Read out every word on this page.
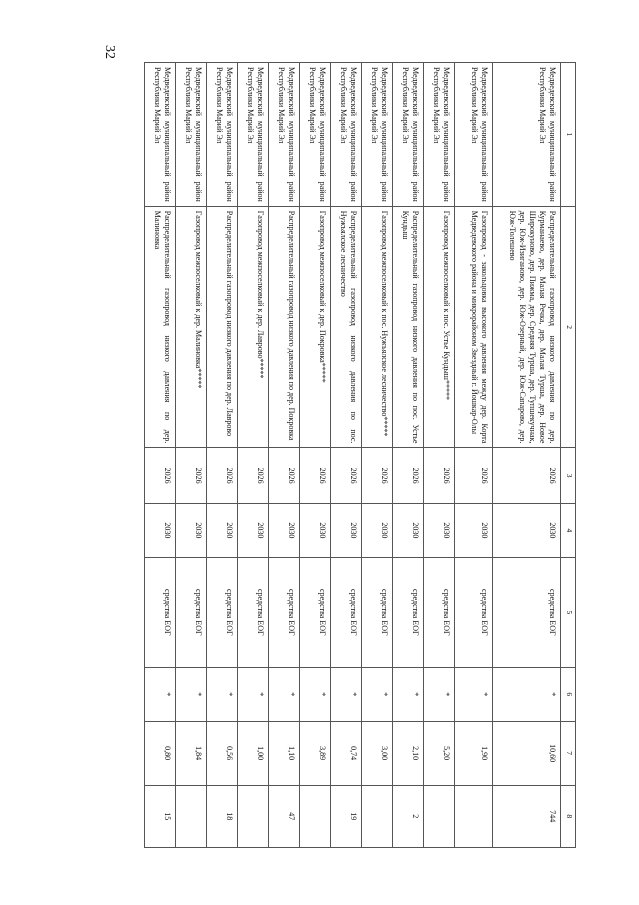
32
1	2	3	4	5	6	7	8
Медведевский муниципальный район Республики Марий Эл	Распределительный газопровод низкого давления по дер. Курманаево, дер. Малая Речка, дер. Малая Турша, дер. Новое Широкуново, дер. Пижма, дер. Средняя Турша, дер. Тупшекучнак, дер. Юж-Изиганово, дер. Юж-Озерный, дер. Юж-Сапарово, дер. Юж-Толешево	2026	2030	средства ЕОГ	*	10,60	744
Медведевский муниципальный район Республики Марий Эл	Газопровод - закольцовка высокого давления между дер. Корта Медведевского района и микрорайоном Звездный г. Йошкар-Олы	2026	2030	средства ЕОГ	*	1,90	
Медведевский муниципальный район Республики Марий Эл	Газопровод межпоселковый к пос. Устье Кундыш*****	2026	2030	средства ЕОГ	*	5,20	
Медведевский муниципальный район Республики Марий Эл	Распределительный газопровод низкого давления по пос. Устье Кундыш	2026	2030	средства ЕОГ	*	2,10	2
Медведевский муниципальный район Республики Марий Эл	Газопровод межпоселковый к пос. Нужъялское лесничество*****	2026	2030	средства ЕОГ	*	3,00	
Медведевский муниципальный район Республики Марий Эл	Распределительный газопровод низкого давления по пос. Нужъялское лесничество	2026	2030	средства ЕОГ	*	0,74	19
Медведевский муниципальный район Республики Марий Эл	Газопровод межпоселковый к дер. Покровка*****	2026	2030	средства ЕОГ	*	3,89	
Медведевский муниципальный район Республики Марий Эл	Распределительный газопровод низкого давления по дер. Покровка	2026	2030	средства ЕОГ	*	1,10	47
Медведевский муниципальный район Республики Марий Эл	Газопровод межпоселковый к дер. Лаврово*****	2026	2030	средства ЕОГ	*	1,00	
Медведевский муниципальный район Республики Марий Эл	Распределительный газопровод низкого давления по дер. Лаврово	2026	2030	средства ЕОГ	*	0,56	18
Медведевский муниципальный район Республики Марий Эл	Газопровод межпоселковый к дер. Малиновка*****	2026	2030	средства ЕОГ	*	1,84	
Медведевский муниципальный район Республики Марий Эл	Распределительный газопровод низкого давления по дер. Малиновка	2026	2030	средства ЕОГ	*	0,80	15
